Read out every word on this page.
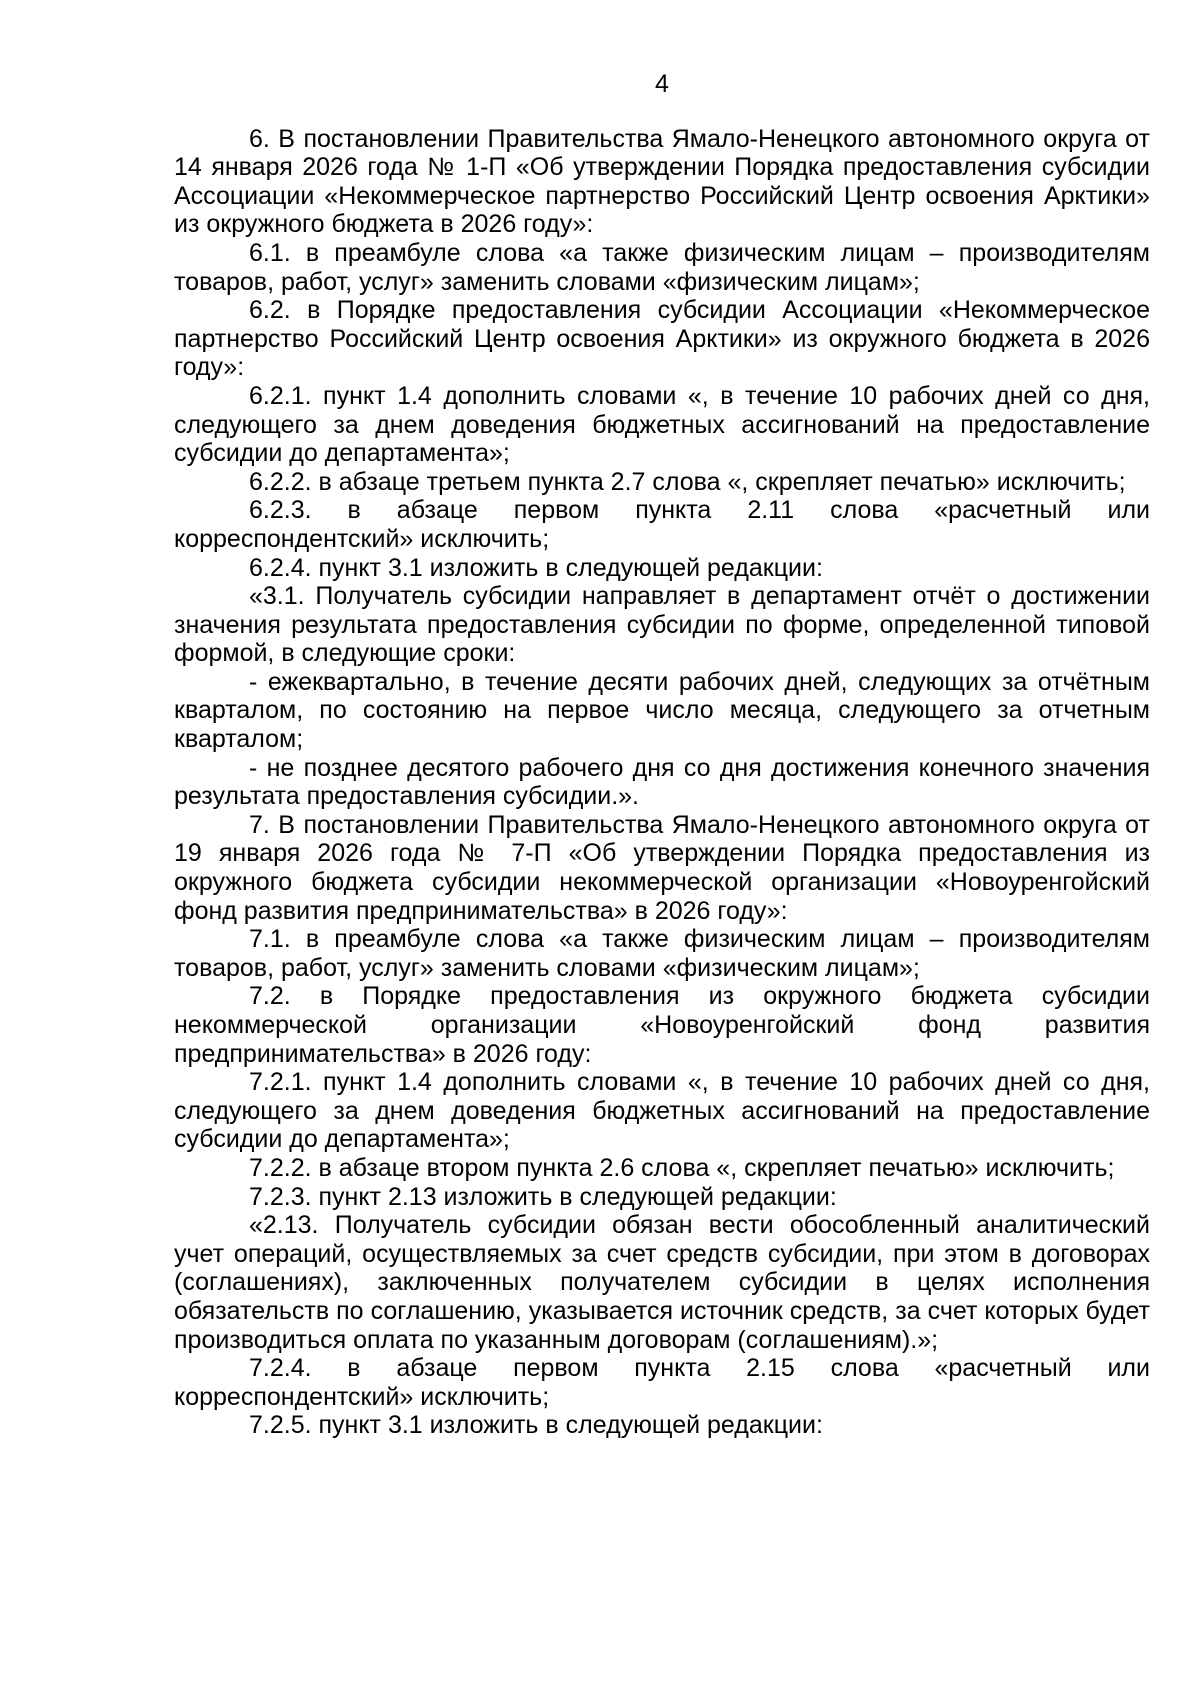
4

6. В постановлении Правительства Ямало-Ненецкого автономного округа от 14 января 2026 года № 1-П «Об утверждении Порядка предоставления субсидии Ассоциации «Некоммерческое партнерство Российский Центр освоения Арктики» из окружного бюджета в 2026 году»:

6.1. в преамбуле слова «а также физическим лицам – производителям товаров, работ, услуг» заменить словами «физическим лицам»;

6.2. в Порядке предоставления субсидии Ассоциации «Некоммерческое партнерство Российский Центр освоения Арктики» из окружного бюджета в 2026 году»:

6.2.1. пункт 1.4 дополнить словами «, в течение 10 рабочих дней со дня, следующего за днем доведения бюджетных ассигнований на предоставление субсидии до департамента»;

6.2.2. в абзаце третьем пункта 2.7 слова «, скрепляет печатью» исключить;

6.2.3. в абзаце первом пункта 2.11 слова «расчетный или корреспондентский» исключить;

6.2.4. пункт 3.1 изложить в следующей редакции:

«3.1. Получатель субсидии направляет в департамент отчёт о достижении значения результата предоставления субсидии по форме, определенной типовой формой, в следующие сроки:

- ежеквартально, в течение десяти рабочих дней, следующих за отчётным кварталом, по состоянию на первое число месяца, следующего за отчетным кварталом;

- не позднее десятого рабочего дня со дня достижения конечного значения результата предоставления субсидии.».

7. В постановлении Правительства Ямало-Ненецкого автономного округа от 19 января 2026 года № 7-П «Об утверждении Порядка предоставления из окружного бюджета субсидии некоммерческой организации «Новоуренгойский фонд развития предпринимательства» в 2026 году»:

7.1. в преамбуле слова «а также физическим лицам – производителям товаров, работ, услуг» заменить словами «физическим лицам»;

7.2. в Порядке предоставления из окружного бюджета субсидии некоммерческой организации «Новоуренгойский фонд развития предпринимательства» в 2026 году:

7.2.1. пункт 1.4 дополнить словами «, в течение 10 рабочих дней со дня, следующего за днем доведения бюджетных ассигнований на предоставление субсидии до департамента»;

7.2.2. в абзаце втором пункта 2.6 слова «, скрепляет печатью» исключить;

7.2.3. пункт 2.13 изложить в следующей редакции:

«2.13. Получатель субсидии обязан вести обособленный аналитический учет операций, осуществляемых за счет средств субсидии, при этом в договорах (соглашениях), заключенных получателем субсидии в целях исполнения обязательств по соглашению, указывается источник средств, за счет которых будет производиться оплата по указанным договорам (соглашениям).»;

7.2.4. в абзаце первом пункта 2.15 слова «расчетный или корреспондентский» исключить;

7.2.5. пункт 3.1 изложить в следующей редакции:
